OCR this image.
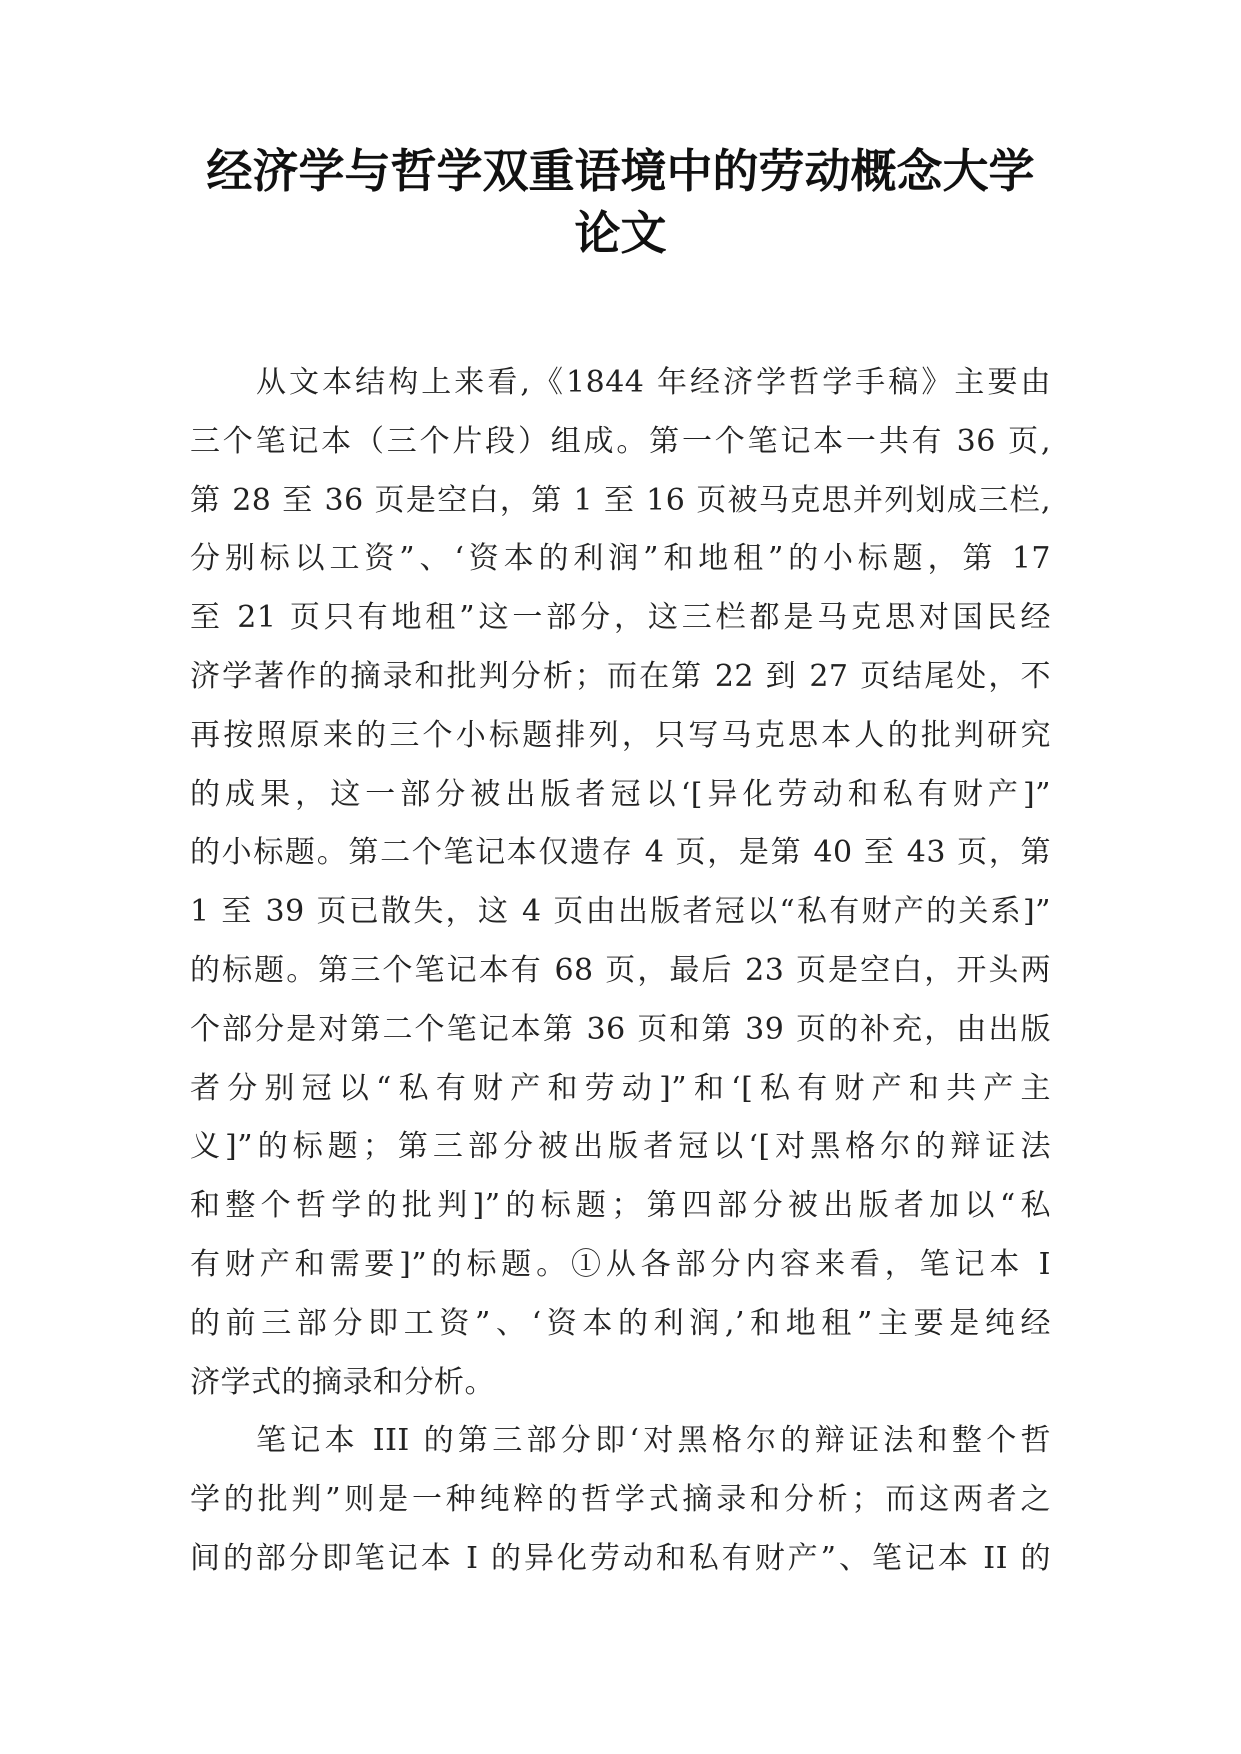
经济学与哲学双重语境中的劳动概念大学
论文
从文本结构上来看,《1844 年经济学哲学手稿》主要由
三个笔记本（三个片段）组成。第一个笔记本一共有 36 页,
第 28 至 36 页是空白，第 1 至 16 页被马克思并列划成三栏,
分别标以工资”、‘资本的利润”和地租”的小标题，第 17
至 21 页只有地租”这一部分，这三栏都是马克思对国民经
济学著作的摘录和批判分析；而在第 22 到 27 页结尾处，不
再按照原来的三个小标题排列，只写马克思本人的批判研究
的成果，这一部分被出版者冠以‘[异化劳动和私有财产]”
的小标题。第二个笔记本仅遗存 4 页，是第 40 至 43 页，第
1 至 39 页已散失，这 4 页由出版者冠以“私有财产的关系]”
的标题。第三个笔记本有 68 页，最后 23 页是空白，开头两
个部分是对第二个笔记本第 36 页和第 39 页的补充，由出版
者分别冠以“私有财产和劳动]”和‘[私有财产和共产主
义]”的标题；第三部分被出版者冠以‘[对黑格尔的辩证法
和整个哲学的批判]”的标题；第四部分被出版者加以“私
有财产和需要]”的标题。①从各部分内容来看，笔记本 I
的前三部分即工资”、‘资本的利润,’和地租”主要是纯经
济学式的摘录和分析。
笔记本 III 的第三部分即‘对黑格尔的辩证法和整个哲
学的批判”则是一种纯粹的哲学式摘录和分析；而这两者之
间的部分即笔记本 I 的异化劳动和私有财产”、笔记本 II 的
